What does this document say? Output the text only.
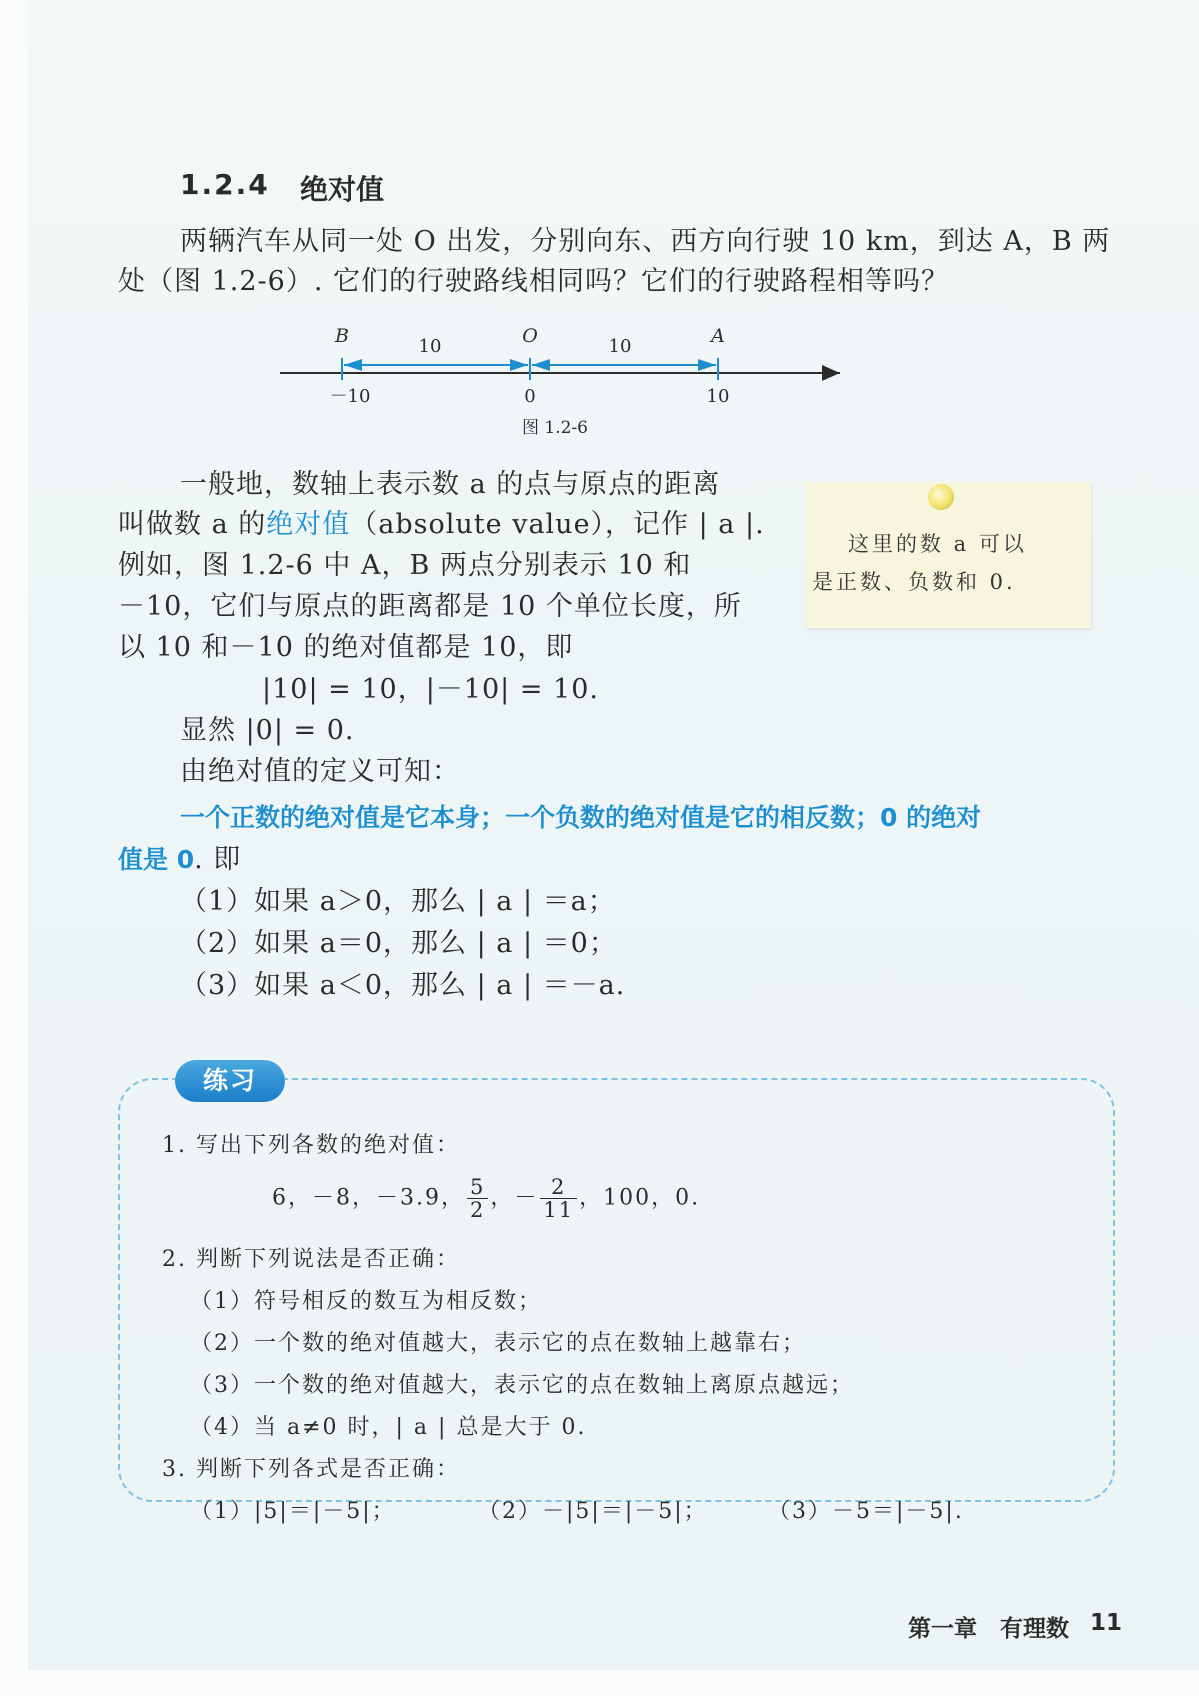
1.2.4 绝对值
两辆汽车从同一处 O 出发，分别向东、西方向行驶 10 km，到达 A，B 两
处（图 1.2-6）. 它们的行驶路线相同吗？它们的行驶路程相等吗？
B	O	A
10	10
－10	0	10
图 1.2-6
一般地，数轴上表示数 a 的点与原点的距离
叫做数 a 的绝对值（absolute value），记作 | a |.
例如，图 1.2-6 中 A，B 两点分别表示 10 和
－10，它们与原点的距离都是 10 个单位长度，所
以 10 和－10 的绝对值都是 10，即
|10| = 10，|－10| = 10.
显然 |0| = 0.
由绝对值的定义可知：
这里的数 a 可以
是正数、负数和 0.
一个正数的绝对值是它本身；一个负数的绝对值是它的相反数；0 的绝对
值是 0. 即
（1）如果 a＞0，那么 | a | ＝a；
（2）如果 a＝0，那么 | a | ＝0；
（3）如果 a＜0，那么 | a | ＝－a.
练习
1. 写出下列各数的绝对值：
6，－8，－3.9， $\frac{5}{2}$ ，－ $\frac{2}{11}$ ，100，0.
2. 判断下列说法是否正确：
（1）符号相反的数互为相反数；
（2）一个数的绝对值越大，表示它的点在数轴上越靠右；
（3）一个数的绝对值越大，表示它的点在数轴上离原点越远；
（4）当 a≠0 时，| a | 总是大于 0.
3. 判断下列各式是否正确：
（1）|5|＝|－5|；	（2）－|5|＝|－5|；	（3）－5＝|－5|.
第一章　有理数 11
